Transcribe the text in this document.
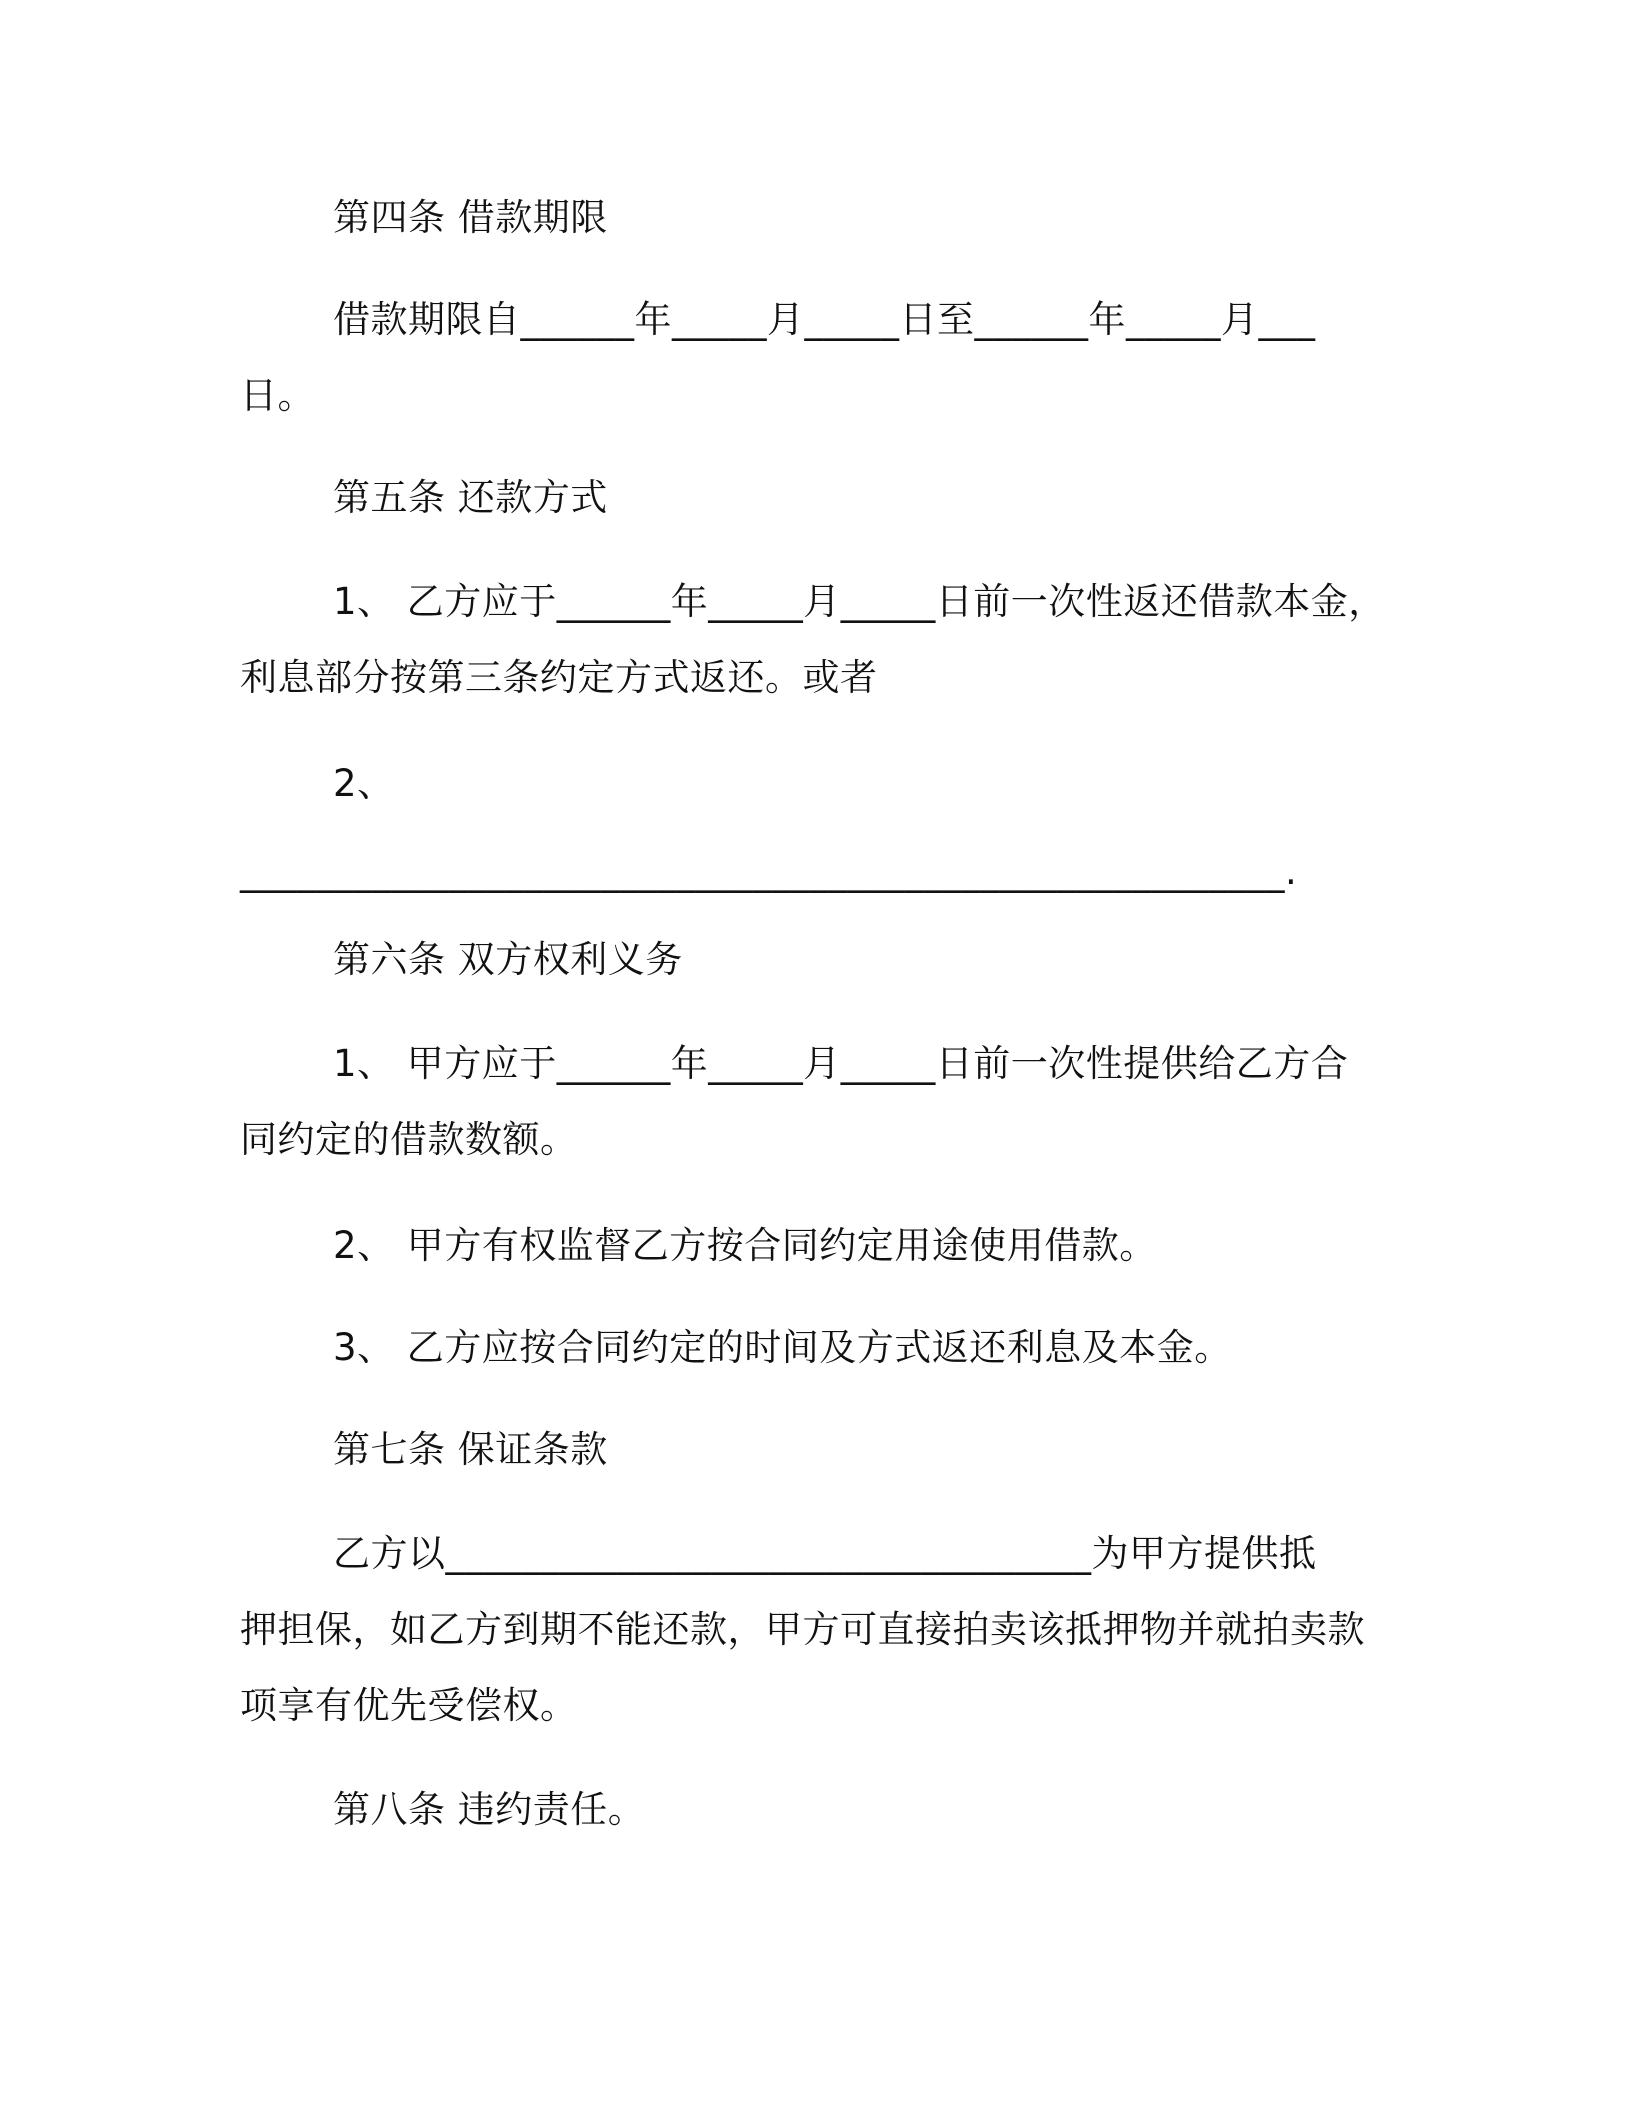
第四条 借款期限
借款期限自______年_____月_____日至______年_____月___
日。
第五条 还款方式
1、 乙方应于______年_____月_____日前一次性返还借款本金，
利息部分按第三条约定方式返还。或者
2、
_______________________________________________________.
第六条 双方权利义务
1、 甲方应于______年_____月_____日前一次性提供给乙方合
同约定的借款数额。
2、 甲方有权监督乙方按合同约定用途使用借款。
3、 乙方应按合同约定的时间及方式返还利息及本金。
第七条 保证条款
乙方以__________________________________为甲方提供抵
押担保，如乙方到期不能还款，甲方可直接拍卖该抵押物并就拍卖款
项享有优先受偿权。
第八条 违约责任。
